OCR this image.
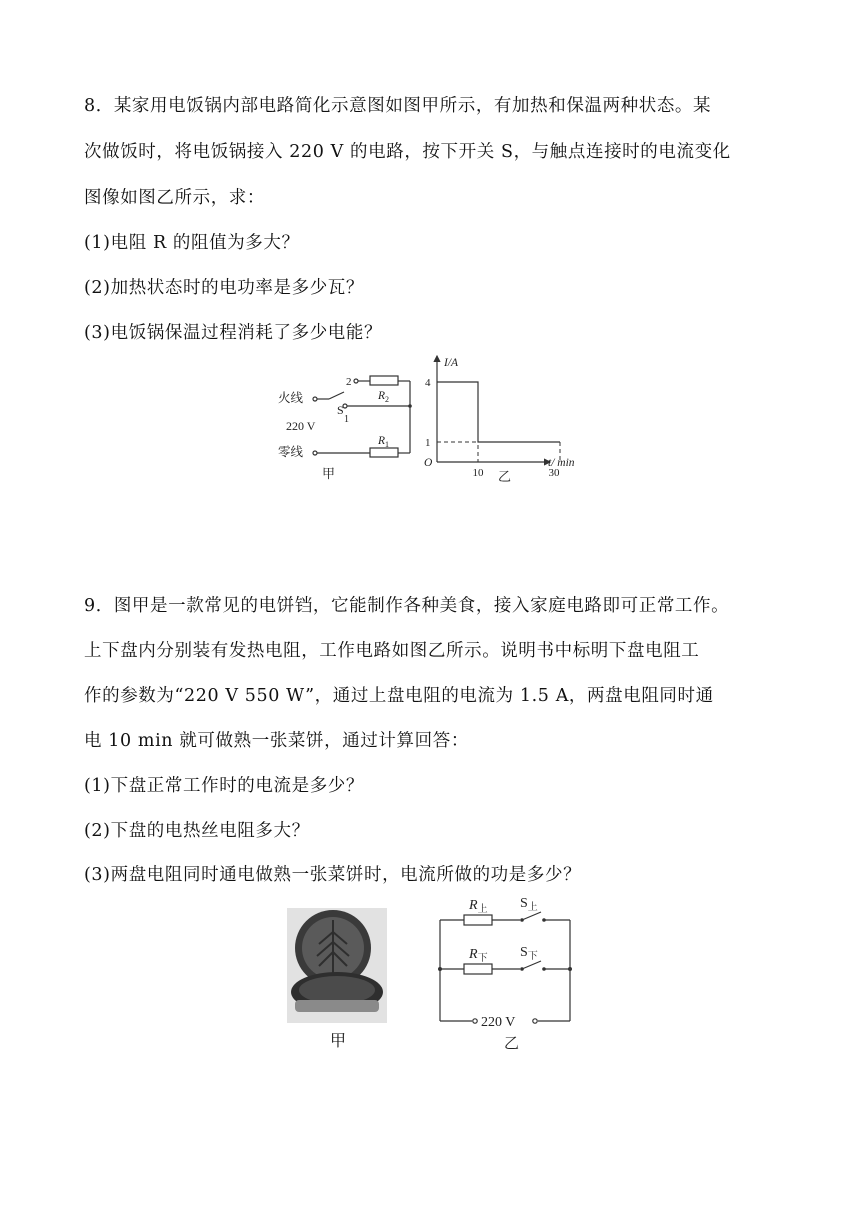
8．某家用电饭锅内部电路简化示意图如图甲所示，有加热和保温两种状态。某
次做饭时，将电饭锅接入 220 V 的电路，按下开关 S，与触点连接时的电流变化
图像如图乙所示，求：
(1)电阻 R 的阻值为多大？
(2)加热状态时的电功率是多少瓦？
(3)电饭锅保温过程消耗了多少电能？
火线
零线
220 V
S
2
$R_2$
1
$R_1$
甲
I/A
t/ min
O
4
1
10	30
乙
9．图甲是一款常见的电饼铛，它能制作各种美食，接入家庭电路即可正常工作。
上下盘内分别装有发热电阻，工作电路如图乙所示。说明书中标明下盘电阻工
作的参数为“220 V 550 W”，通过上盘电阻的电流为 1.5 A，两盘电阻同时通
电 10 min 就可做熟一张菜饼，通过计算回答：
(1)下盘正常工作时的电流是多少？
(2)下盘的电热丝电阻多大？
(3)两盘电阻同时通电做熟一张菜饼时，电流所做的功是多少？
甲
$R_上$ $S_上$
$R_下$ $S_下$
220 V
乙
